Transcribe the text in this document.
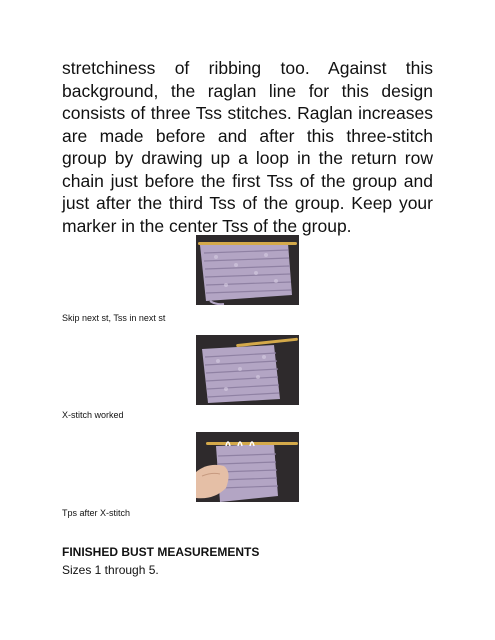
stretchiness of ribbing too. Against this background, the raglan line for this design consists of three Tss stitches. Raglan increases are made before and after this three-stitch group by drawing up a loop in the return row chain just before the first Tss of the group and just after the third Tss of the group. Keep your marker in the center Tss of the group.
Skip next st, Tss in next st
X-stitch worked
Tps after X-stitch
FINISHED BUST MEASUREMENTS
Sizes 1 through 5.
